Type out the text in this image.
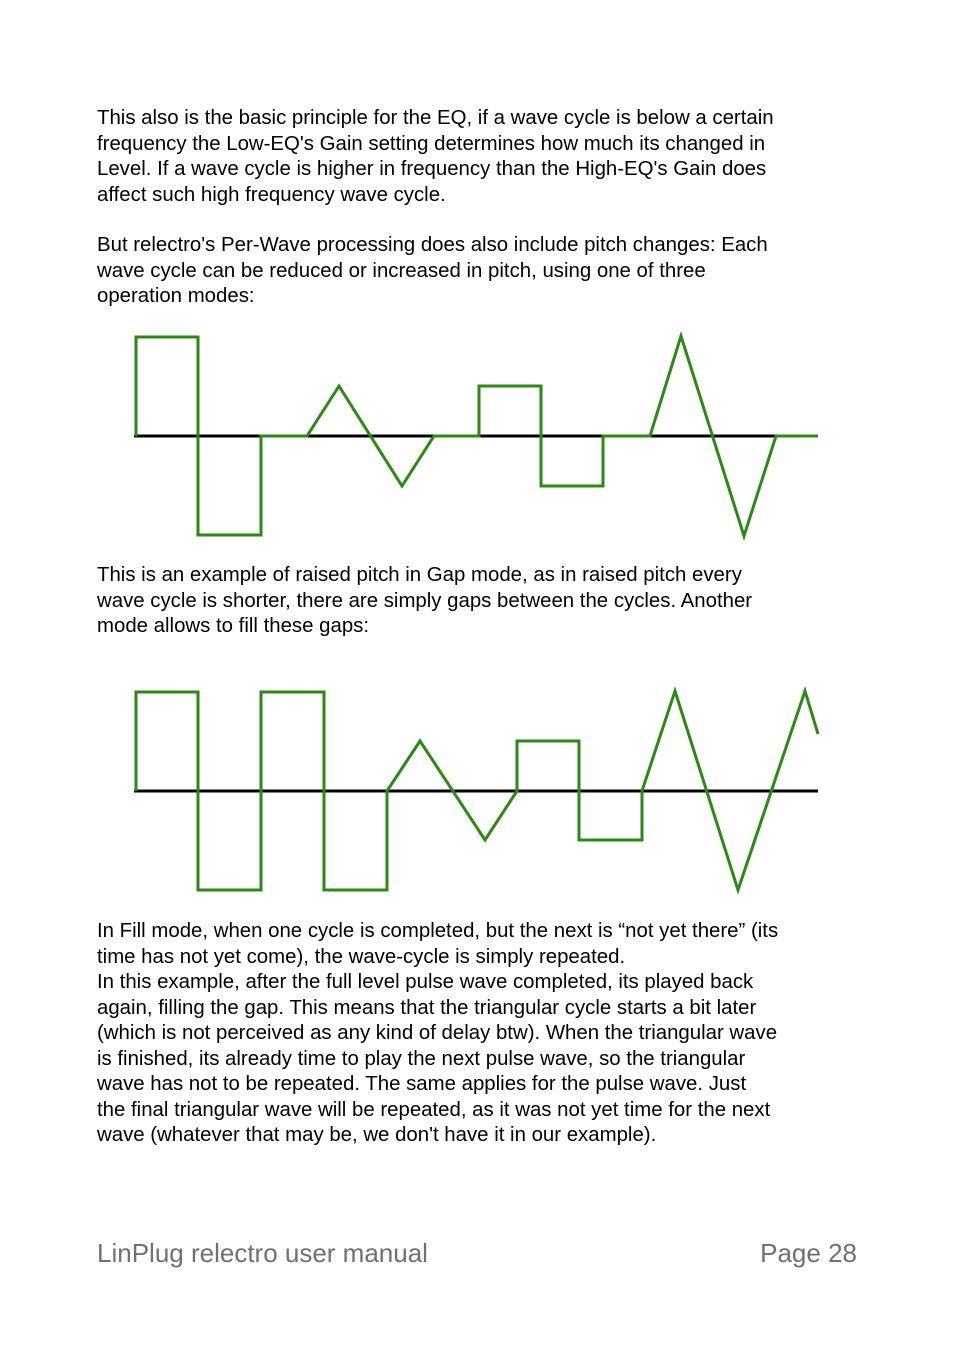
This also is the basic principle for the EQ, if a wave cycle is below a certain
frequency the Low-EQ's Gain setting determines how much its changed in
Level. If a wave cycle is higher in frequency than the High-EQ's Gain does
affect such high frequency wave cycle.
But relectro's Per-Wave processing does also include pitch changes: Each
wave cycle can be reduced or increased in pitch, using one of three
operation modes:
This is an example of raised pitch in Gap mode, as in raised pitch every
wave cycle is shorter, there are simply gaps between the cycles. Another
mode allows to fill these gaps:
In Fill mode, when one cycle is completed, but the next is “not yet there” (its
time has not yet come), the wave-cycle is simply repeated.
In this example, after the full level pulse wave completed, its played back
again, filling the gap. This means that the triangular cycle starts a bit later
(which is not perceived as any kind of delay btw). When the triangular wave
is finished, its already time to play the next pulse wave, so the triangular
wave has not to be repeated. The same applies for the pulse wave. Just
the final triangular wave will be repeated, as it was not yet time for the next
wave (whatever that may be, we don't have it in our example).

LinPlug relectro user manual	Page 28
